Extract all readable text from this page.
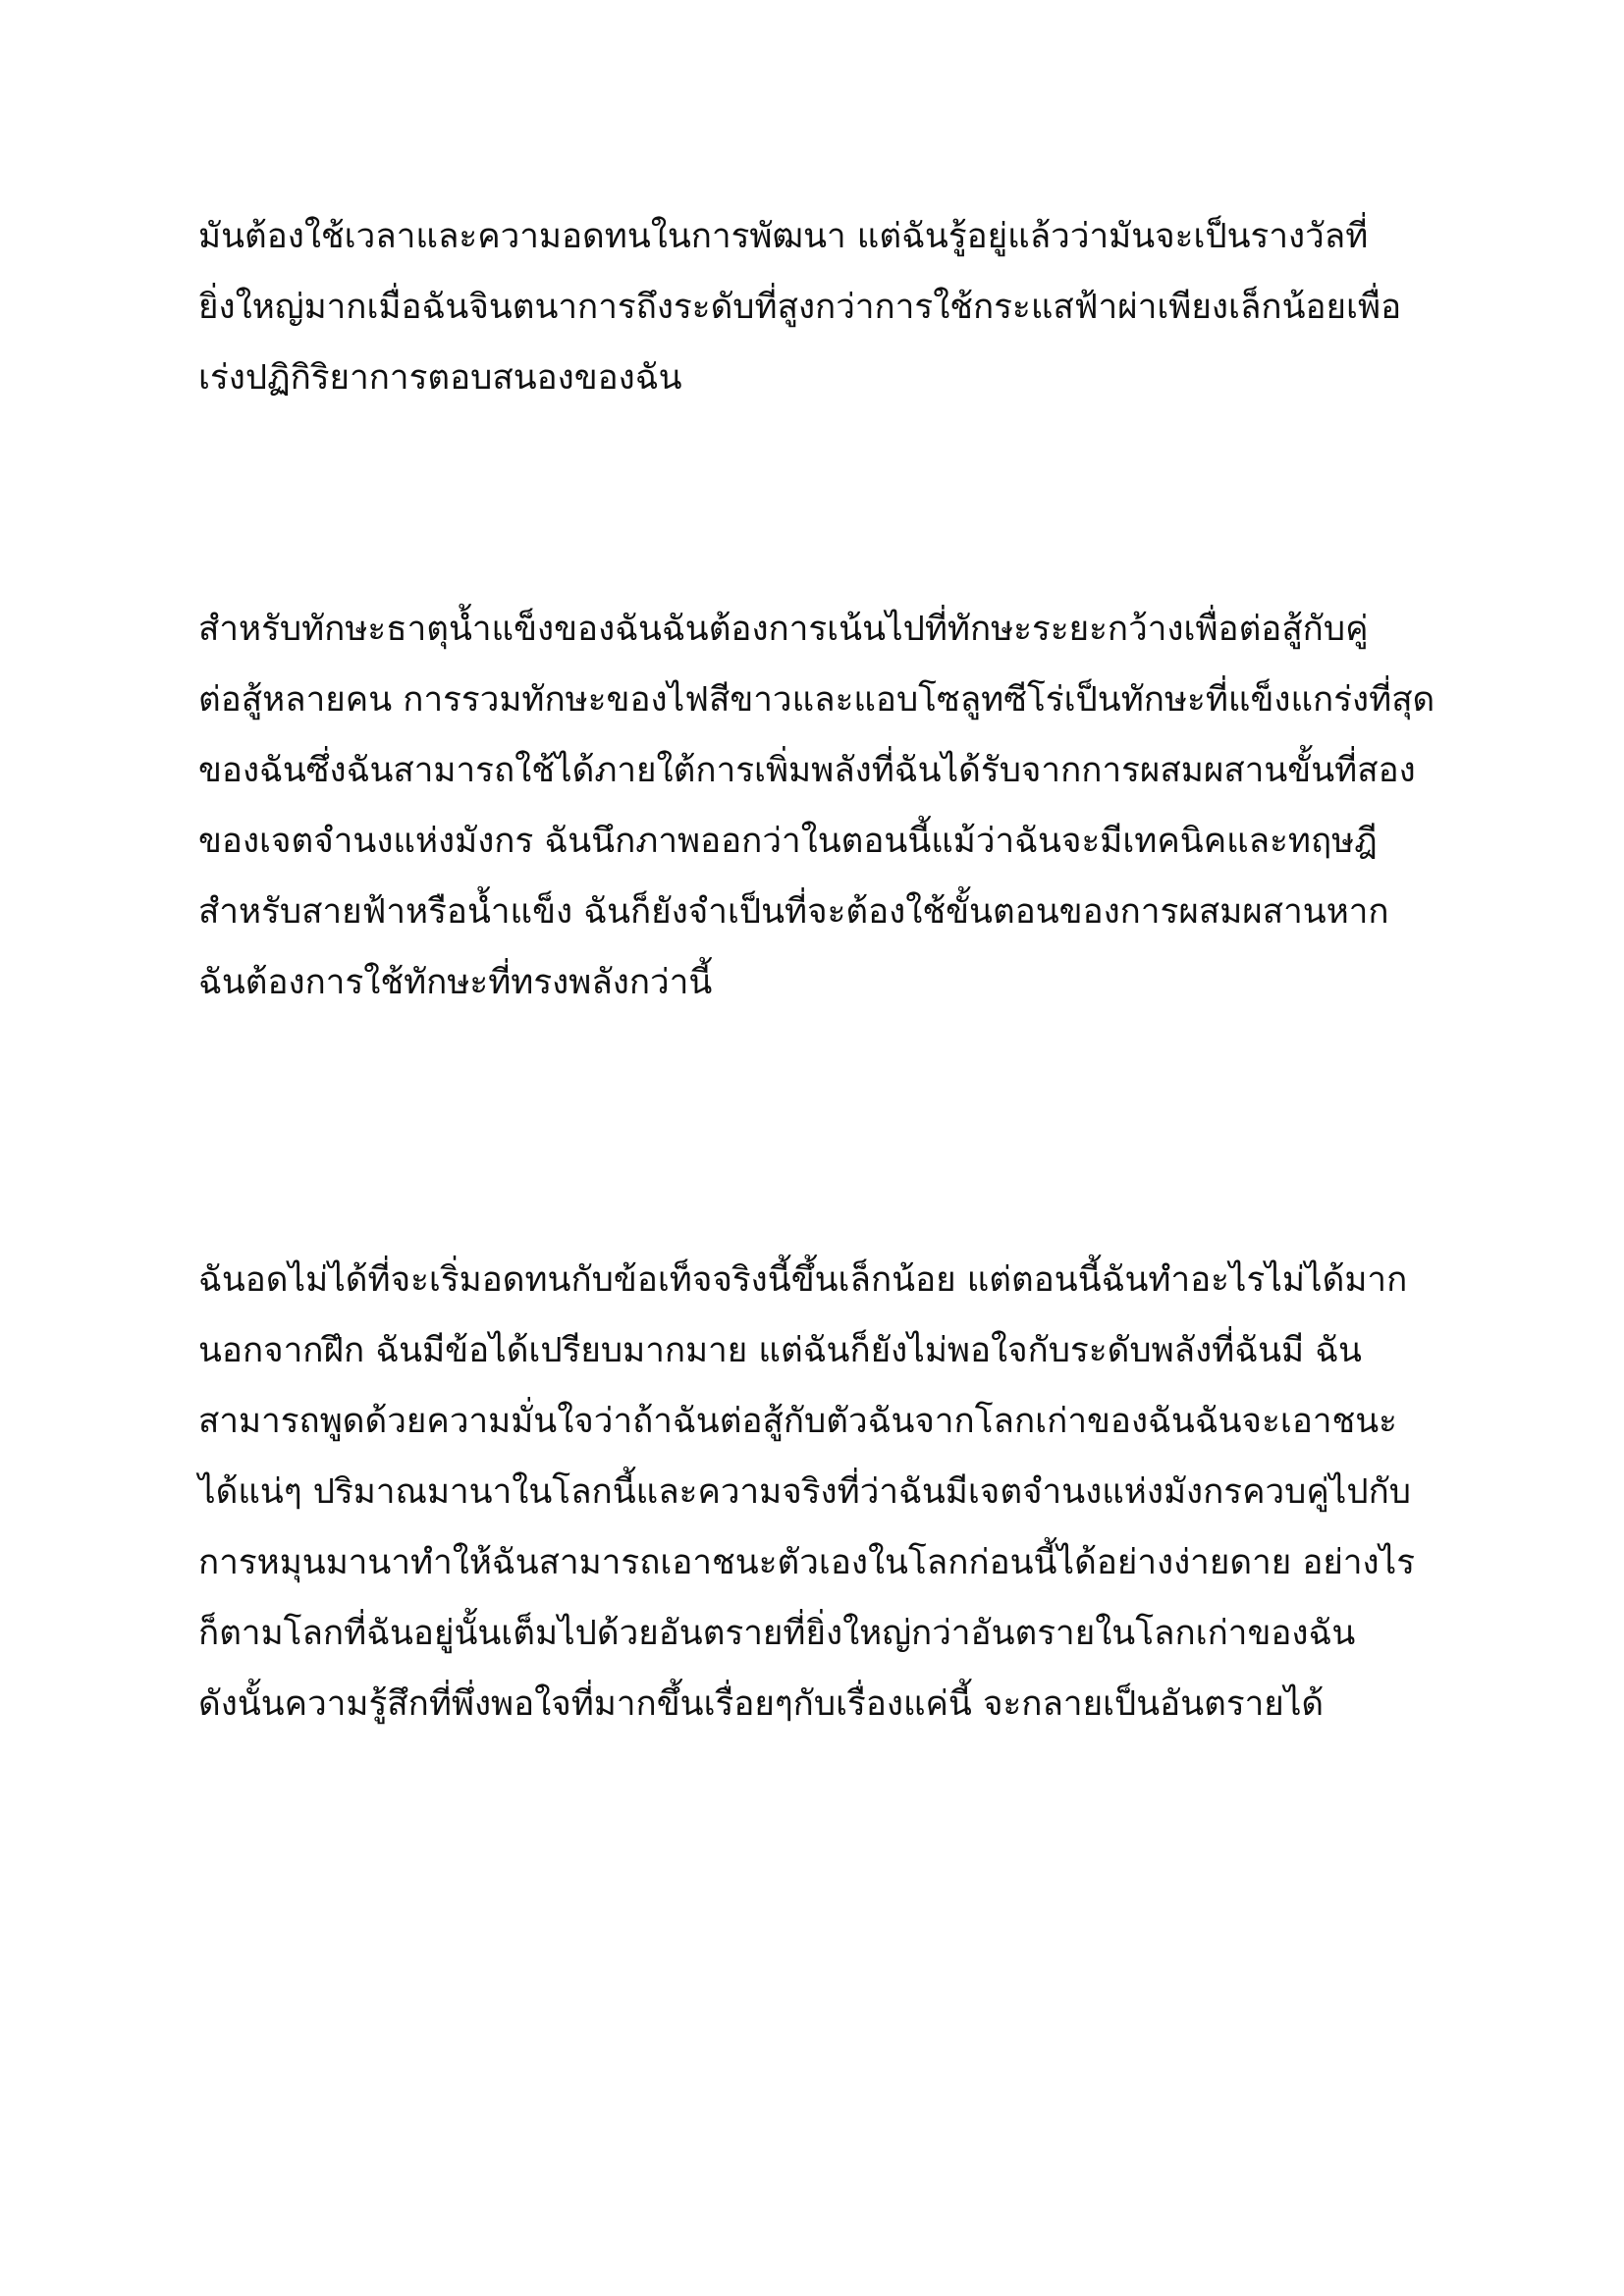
มันต้องใช้เวลาและความอดทนในการพัฒนา แต่ฉันรู้อยู่แล้วว่ามันจะเป็นรางวัลที่
ยิ่งใหญ่มากเมื่อฉันจินตนาการถึงระดับที่สูงกว่าการใช้กระแสฟ้าผ่าเพียงเล็กน้อยเพื่อ
เร่งปฏิกิริยาการตอบสนองของฉัน
สำหรับทักษะธาตุน้ำแข็งของฉันฉันต้องการเน้นไปที่ทักษะระยะกว้างเพื่อต่อสู้กับคู่
ต่อสู้หลายคน การรวมทักษะของไฟสีขาวและแอบโซลูทซีโร่เป็นทักษะที่แข็งแกร่งที่สุด
ของฉันซึ่งฉันสามารถใช้ได้ภายใต้การเพิ่มพลังที่ฉันได้รับจากการผสมผสานขั้นที่สอง
ของเจตจำนงแห่งมังกร ฉันนึกภาพออกว่าในตอนนี้แม้ว่าฉันจะมีเทคนิคและทฤษฎี
สำหรับสายฟ้าหรือน้ำแข็ง ฉันก็ยังจำเป็นที่จะต้องใช้ขั้นตอนของการผสมผสานหาก
ฉันต้องการใช้ทักษะที่ทรงพลังกว่านี้
ฉันอดไม่ได้ที่จะเริ่มอดทนกับข้อเท็จจริงนี้ขึ้นเล็กน้อย แต่ตอนนี้ฉันทำอะไรไม่ได้มาก
นอกจากฝึก ฉันมีข้อได้เปรียบมากมาย แต่ฉันก็ยังไม่พอใจกับระดับพลังที่ฉันมี ฉัน
สามารถพูดด้วยความมั่นใจว่าถ้าฉันต่อสู้กับตัวฉันจากโลกเก่าของฉันฉันจะเอาชนะ
ได้แน่ๆ ปริมาณมานาในโลกนี้และความจริงที่ว่าฉันมีเจตจำนงแห่งมังกรควบคู่ไปกับ
การหมุนมานาทำให้ฉันสามารถเอาชนะตัวเองในโลกก่อนนี้ได้อย่างง่ายดาย อย่างไร
ก็ตามโลกที่ฉันอยู่นั้นเต็มไปด้วยอันตรายที่ยิ่งใหญ่กว่าอันตรายในโลกเก่าของฉัน
ดังนั้นความรู้สึกที่พึ่งพอใจที่มากขึ้นเรื่อยๆกับเรื่องแค่นี้ จะกลายเป็นอันตรายได้
